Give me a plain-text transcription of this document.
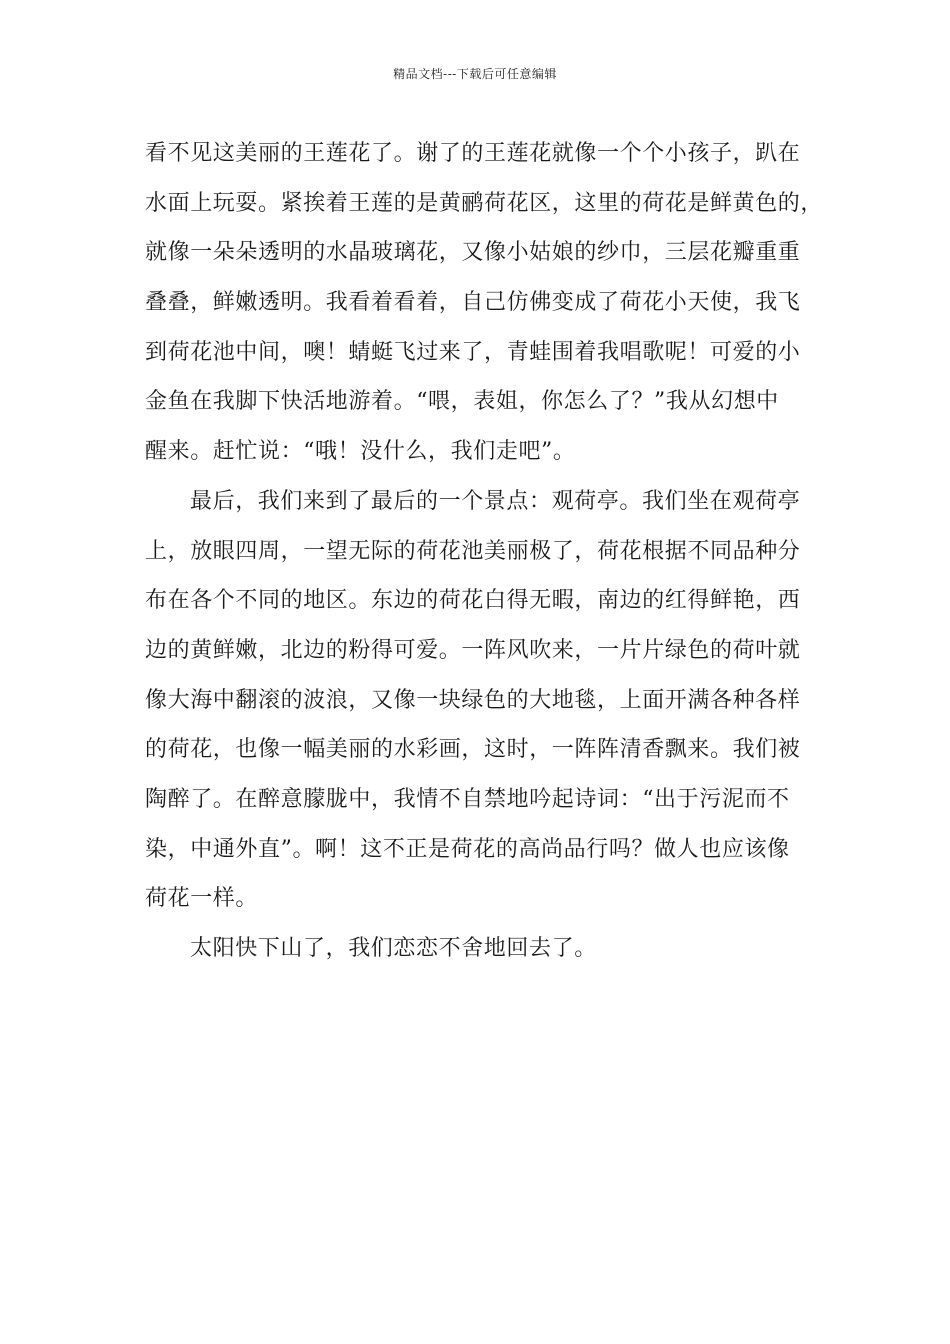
精品文档---下载后可任意编辑
看不见这美丽的王莲花了。谢了的王莲花就像一个个小孩子，趴在
水面上玩耍。紧挨着王莲的是黄鹂荷花区，这里的荷花是鲜黄色的，
就像一朵朵透明的水晶玻璃花，又像小姑娘的纱巾，三层花瓣重重
叠叠，鲜嫩透明。我看着看着，自己仿佛变成了荷花小天使，我飞
到荷花池中间，噢！蜻蜓飞过来了，青蛙围着我唱歌呢！可爱的小
金鱼在我脚下快活地游着。“喂，表姐，你怎么了？”我从幻想中
醒来。赶忙说：“哦！没什么，我们走吧”。
最后，我们来到了最后的一个景点：观荷亭。我们坐在观荷亭
上，放眼四周，一望无际的荷花池美丽极了，荷花根据不同品种分
布在各个不同的地区。东边的荷花白得无暇，南边的红得鲜艳，西
边的黄鲜嫩，北边的粉得可爱。一阵风吹来，一片片绿色的荷叶就
像大海中翻滚的波浪，又像一块绿色的大地毯，上面开满各种各样
的荷花，也像一幅美丽的水彩画，这时，一阵阵清香飘来。我们被
陶醉了。在醉意朦胧中，我情不自禁地吟起诗词：“出于污泥而不
染，中通外直”。啊！这不正是荷花的高尚品行吗？做人也应该像
荷花一样。
太阳快下山了，我们恋恋不舍地回去了。
